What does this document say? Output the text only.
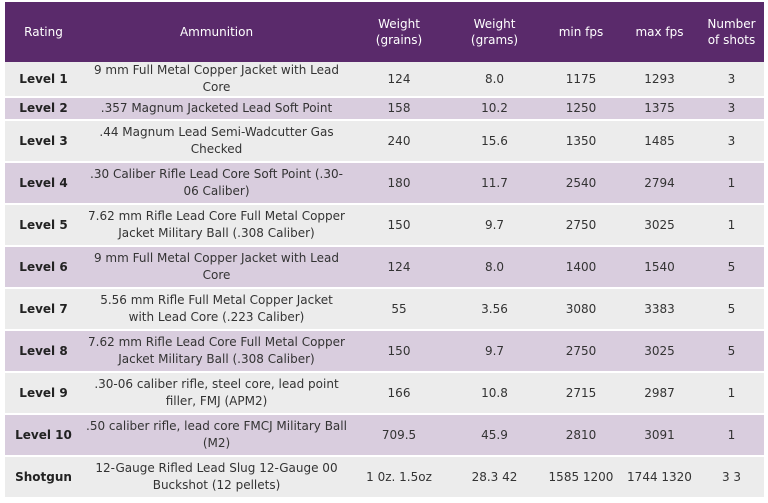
Rating	Ammunition	Weight (grains)	Weight (grams)	min fps	max fps	Number of shots
Level 1	9 mm Full Metal Copper Jacket with Lead Core	124	8.0	1175	1293	3
Level 2	.357 Magnum Jacketed Lead Soft Point	158	10.2	1250	1375	3
Level 3	.44 Magnum Lead Semi-Wadcutter Gas Checked	240	15.6	1350	1485	3
Level 4	.30 Caliber Rifle Lead Core Soft Point (.30-06 Caliber)	180	11.7	2540	2794	1
Level 5	7.62 mm Rifle Lead Core Full Metal Copper Jacket Military Ball (.308 Caliber)	150	9.7	2750	3025	1
Level 6	9 mm Full Metal Copper Jacket with Lead Core	124	8.0	1400	1540	5
Level 7	5.56 mm Rifle Full Metal Copper Jacket with Lead Core (.223 Caliber)	55	3.56	3080	3383	5
Level 8	7.62 mm Rifle Lead Core Full Metal Copper Jacket Military Ball (.308 Caliber)	150	9.7	2750	3025	5
Level 9	.30-06 caliber rifle, steel core, lead point filler, FMJ (APM2)	166	10.8	2715	2987	1
Level 10	.50 caliber rifle, lead core FMCJ Military Ball (M2)	709.5	45.9	2810	3091	1
Shotgun	12-Gauge Rifled Lead Slug 12-Gauge 00 Buckshot (12 pellets)	1 0z. 1.5oz	28.3 42	1585 1200	1744 1320	3 3
